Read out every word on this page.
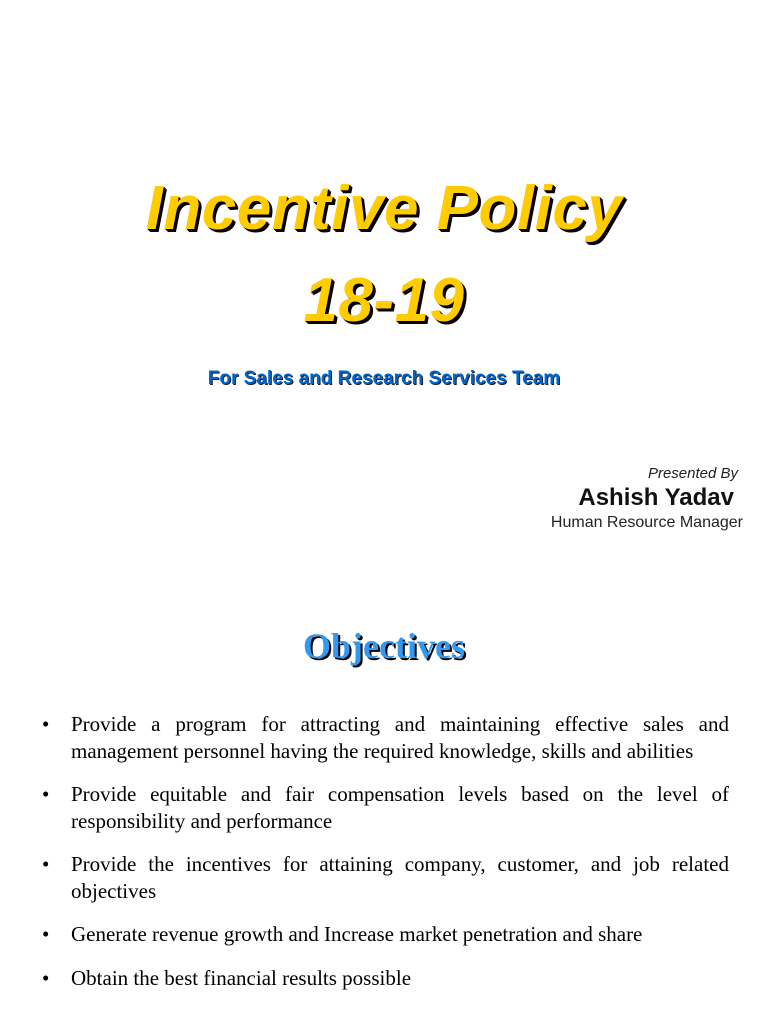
Incentive Policy
18-19
For Sales and Research Services Team
Presented By
Ashish Yadav
Human Resource Manager
Objectives
• Provide a program for attracting and maintaining effective sales and management personnel having the required knowledge, skills and abilities
• Provide equitable and fair compensation levels based on the level of responsibility and performance
• Provide the incentives for attaining company, customer, and job related objectives
• Generate revenue growth and Increase market penetration and share
• Obtain the best financial results possible
